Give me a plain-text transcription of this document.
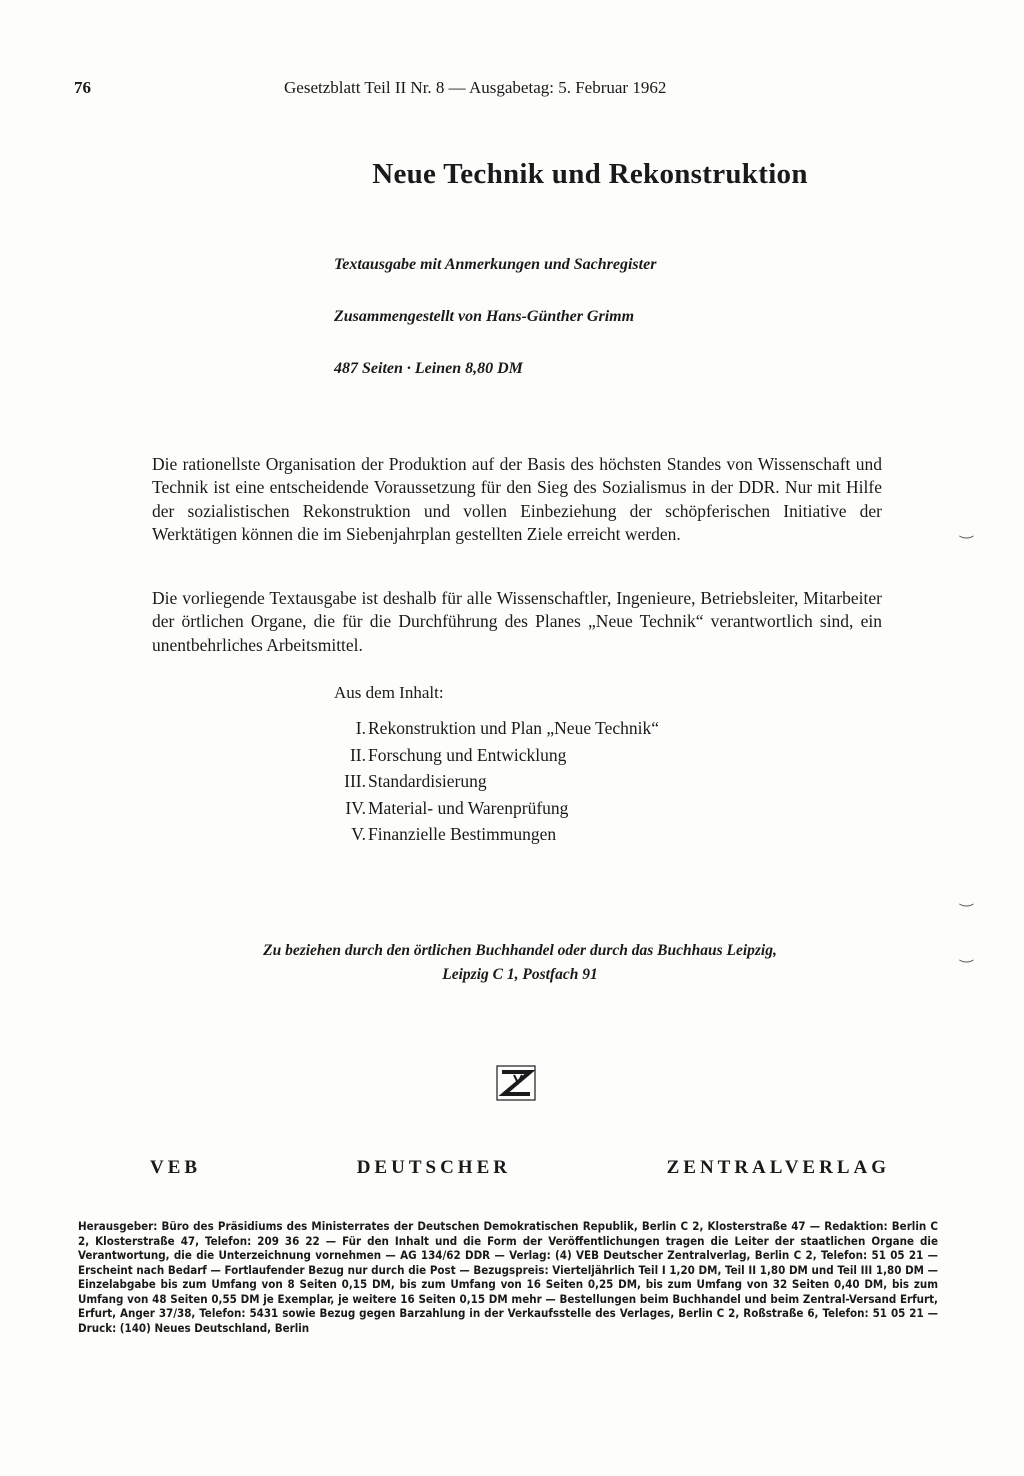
76	Gesetzblatt Teil II Nr. 8 — Ausgabetag: 5. Februar 1962
Neue Technik und Rekonstruktion
Textausgabe mit Anmerkungen und Sachregister
Zusammengestellt von Hans-Günther Grimm
487 Seiten · Leinen 8,80 DM

Die rationellste Organisation der Produktion auf der Basis des höchsten Standes von Wissenschaft und Technik ist eine entscheidende Voraussetzung für den Sieg des Sozialismus in der DDR. Nur mit Hilfe der sozialistischen Rekonstruktion und vollen Einbeziehung der schöpferischen Initiative der Werktätigen können die im Siebenjahrplan gestellten Ziele erreicht werden.

Die vorliegende Textausgabe ist deshalb für alle Wissenschaftler, Ingenieure, Betriebsleiter, Mitarbeiter der örtlichen Organe, die für die Durchführung des Planes „Neue Technik“ verantwortlich sind, ein unentbehrliches Arbeitsmittel.

Aus dem Inhalt:
I. Rekonstruktion und Plan „Neue Technik“
II. Forschung und Entwicklung
III. Standardisierung
IV. Material- und Warenprüfung
V. Finanzielle Bestimmungen
Zu beziehen durch den örtlichen Buchhandel oder durch das Buchhaus Leipzig,
Leipzig C 1, Postfach 91
VEB DEUTSCHER ZENTRALVERLAG
Herausgeber: Büro des Präsidiums des Ministerrates der Deutschen Demokratischen Republik, Berlin C 2, Klosterstraße 47 — Redaktion: Berlin C 2, Klosterstraße 47, Telefon: 209 36 22 — Für den Inhalt und die Form der Veröffentlichungen tragen die Leiter der staatlichen Organe die Verantwortung, die die Unterzeichnung vornehmen — AG 134/62 DDR — Verlag: (4) VEB Deutscher Zentralverlag, Berlin C 2, Telefon: 51 05 21 — Erscheint nach Bedarf — Fortlaufender Bezug nur durch die Post — Bezugspreis: Vierteljährlich Teil I 1,20 DM, Teil II 1,80 DM und Teil III 1,80 DM — Einzelabgabe bis zum Umfang von 8 Seiten 0,15 DM, bis zum Umfang von 16 Seiten 0,25 DM, bis zum Umfang von 32 Seiten 0,40 DM, bis zum Umfang von 48 Seiten 0,55 DM je Exemplar, je weitere 16 Seiten 0,15 DM mehr — Bestellungen beim Buchhandel und beim Zentral-Versand Erfurt, Erfurt, Anger 37/38, Telefon: 5431 sowie Bezug gegen Barzahlung in der Verkaufsstelle des Verlages, Berlin C 2, Roßstraße 6, Telefon: 51 05 21 — Druck: (140) Neues Deutschland, Berlin
‿
‿
‿
